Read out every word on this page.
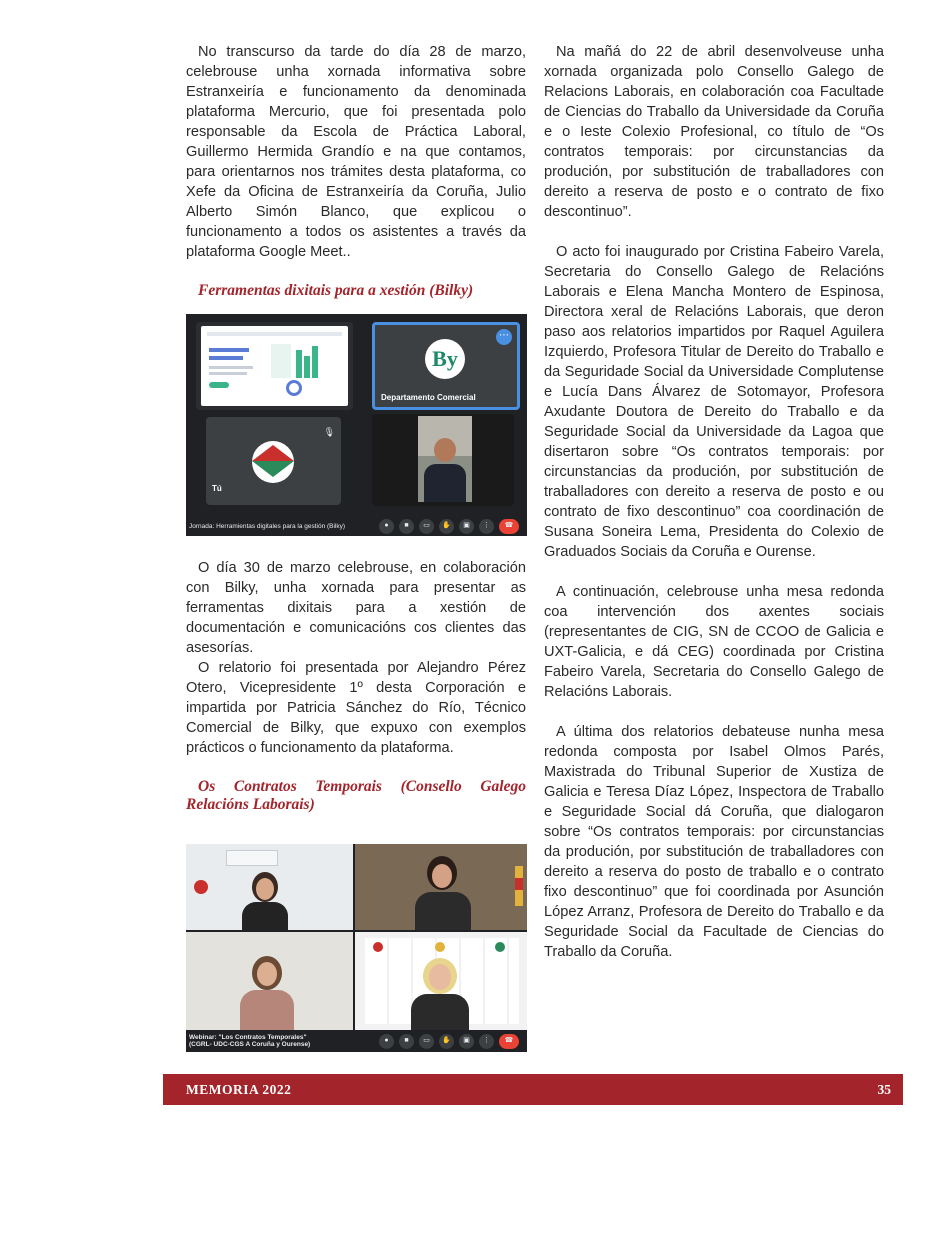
No transcurso da tarde do día 28 de marzo, celebrouse unha xornada informativa sobre Estranxeiría e funcionamento da denominada plataforma Mercurio, que foi presentada polo responsable da Escola de Práctica Laboral, Guillermo Hermida Grandío e na que contamos, para orientarnos nos trámites desta plataforma, co Xefe da Oficina de Estranxeiría da Coruña, Julio Alberto Simón Blanco, que explicou o funcionamento a todos os asistentes a través da plataforma Google Meet..

Ferramentas dixitais para a xestión (Bilky)

⋯
By
Departamento Comercial
🎙
Tú
Jornada: Herramientas digitales para la gestión (Bilky)	●	■	▭	✋	▣	⋮	☎

O día 30 de marzo celebrouse, en colaboración con Bilky, unha xornada para presentar as ferramentas dixitais para a xestión de documentación e comunicacións cos clientes das asesorías.

O relatorio foi presentada por Alejandro Pérez Otero, Vicepresidente 1º desta Corporación e impartida por Patricia Sánchez do Río, Técnico Comercial de Bilky, que expuxo con exemplos prácticos o funcionamento da plataforma.

Os Contratos Temporais (Consello Galego Relacións Laborais)

Webinar: "Los Contratos Temporales"
(CGRL- UDC-CGS A Coruña y Ourense)
●	■	▭	✋	▣	⋮	☎

Na mañá do 22 de abril desenvolveuse unha xornada organizada polo Consello Galego de Relacions Laborais, en colaboración coa Facultade de Ciencias do Traballo da Universidade da Coruña e o Ieste Colexio Profesional, co título de “Os contratos temporais: por circunstancias da produción, por substitución de traballadores con dereito a reserva de posto e o contrato de fixo descontinuo”.

O acto foi inaugurado por Cristina Fabeiro Varela, Secretaria do Consello Galego de Relacións Laborais e Elena Mancha Montero de Espinosa, Directora xeral de Relacións Laborais, que deron paso aos relatorios impartidos por Raquel Aguilera Izquierdo, Profesora Titular de Dereito do Traballo e da Seguridade Social da Universidade Complutense e Lucía Dans Álvarez de Sotomayor, Profesora Axudante Doutora de Dereito do Traballo e da Seguridade Social da Universidade da Lagoa que disertaron sobre “Os contratos temporais: por circunstancias da produción, por substitución de traballadores con dereito a reserva de posto e ou contrato de fixo descontinuo” coa coordinación de Susana Soneira Lema, Presidenta do Colexio de Graduados Sociais da Coruña e Ourense.

A continuación, celebrouse unha mesa redonda coa intervención dos axentes sociais (representantes de CIG, SN de CCOO de Galicia e UXT-Galicia, e dá CEG) coordinada por Cristina Fabeiro Varela, Secretaria do Consello Galego de Relacións Laborais.

A última dos relatorios debateuse nunha mesa redonda composta por Isabel Olmos Parés, Maxistrada do Tribunal Superior de Xustiza de Galicia e Teresa Díaz López, Inspectora de Traballo e Seguridade Social dá Coruña, que dialogaron sobre “Os contratos temporais: por circunstancias da produción, por substitución de traballadores con dereito a reserva do posto de traballo e o contrato fixo descontinuo” que foi coordinada por Asunción López Arranz, Profesora de Dereito do Traballo e da Seguridade Social da Facultade de Ciencias do Traballo da Coruña.

MEMORIA 2022	35
